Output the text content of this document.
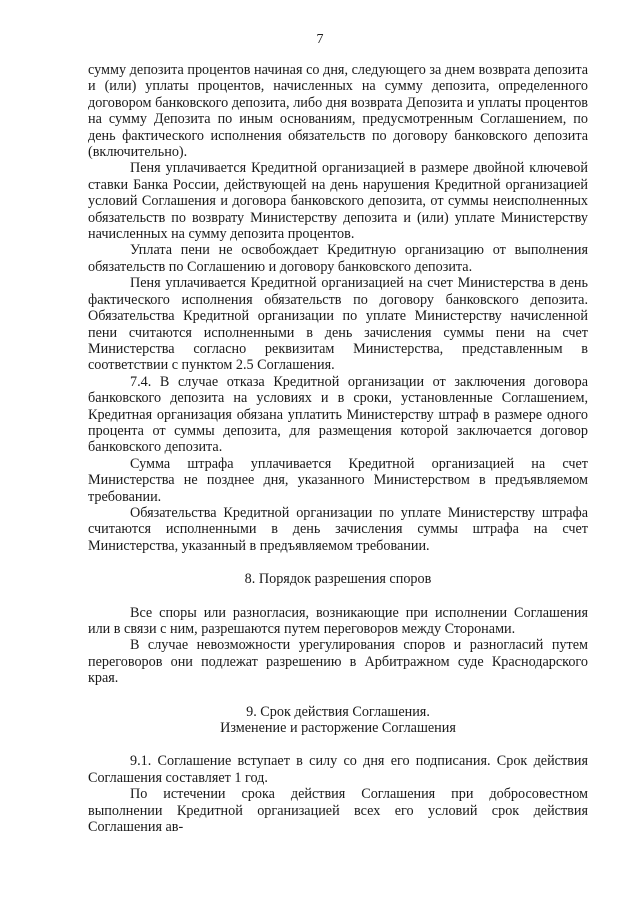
7

сумму депозита процентов начиная со дня, следующего за днем возврата депозита и (или) уплаты процентов, начисленных на сумму депозита, определенного договором банковского депозита, либо дня возврата Депозита и уплаты процентов на сумму Депозита по иным основаниям, предусмотренным Соглашением, по день фактического исполнения обязательств по договору банковского депозита (включительно).

Пеня уплачивается Кредитной организацией в размере двойной ключевой ставки Банка России, действующей на день нарушения Кредитной организацией условий Соглашения и договора банковского депозита, от суммы неисполненных обязательств по возврату Министерству депозита и (или) уплате Министерству начисленных на сумму депозита процентов.

Уплата пени не освобождает Кредитную организацию от выполнения обязательств по Соглашению и договору банковского депозита.

Пеня уплачивается Кредитной организацией на счет Министерства в день фактического исполнения обязательств по договору банковского депозита. Обязательства Кредитной организации по уплате Министерству начисленной пени считаются исполненными в день зачисления суммы пени на счет Министерства согласно реквизитам Министерства, представленным в соответствии с пунктом 2.5 Соглашения.

7.4. В случае отказа Кредитной организации от заключения договора банковского депозита на условиях и в сроки, установленные Соглашением, Кредитная организация обязана уплатить Министерству штраф в размере одного процента от суммы депозита, для размещения которой заключается договор банковского депозита.

Сумма штрафа уплачивается Кредитной организацией на счет Министерства не позднее дня, указанного Министерством в предъявляемом требовании.

Обязательства Кредитной организации по уплате Министерству штрафа считаются исполненными в день зачисления суммы штрафа на счет Министерства, указанный в предъявляемом требовании.

8. Порядок разрешения споров

Все споры или разногласия, возникающие при исполнении Соглашения или в связи с ним, разрешаются путем переговоров между Сторонами.

В случае невозможности урегулирования споров и разногласий путем переговоров они подлежат разрешению в Арбитражном суде Краснодарского края.

9. Срок действия Соглашения.

Изменение и расторжение Соглашения

9.1. Соглашение вступает в силу со дня его подписания. Срок действия Соглашения составляет 1 год.

По истечении срока действия Соглашения при добросовестном выполнении Кредитной организацией всех его условий срок действия Соглашения ав-
